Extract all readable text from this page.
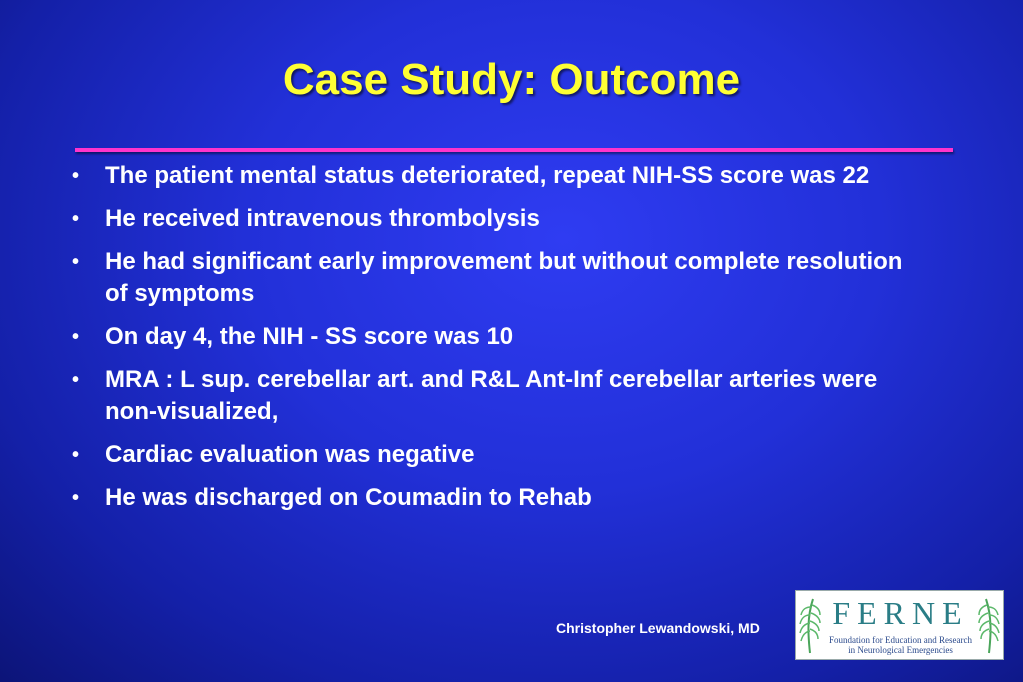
Case Study: Outcome
• The patient mental status deteriorated, repeat NIH-SS score was 22
• He received intravenous thrombolysis
• He had significant early improvement but without complete resolution of symptoms
• On day 4, the NIH - SS score was 10
• MRA : L sup. cerebellar art. and R&L Ant-Inf cerebellar arteries were non-visualized,
• Cardiac evaluation was negative
• He was discharged on Coumadin to Rehab
Christopher Lewandowski, MD	FERNE
Foundation for Education and Research
in Neurological Emergencies
